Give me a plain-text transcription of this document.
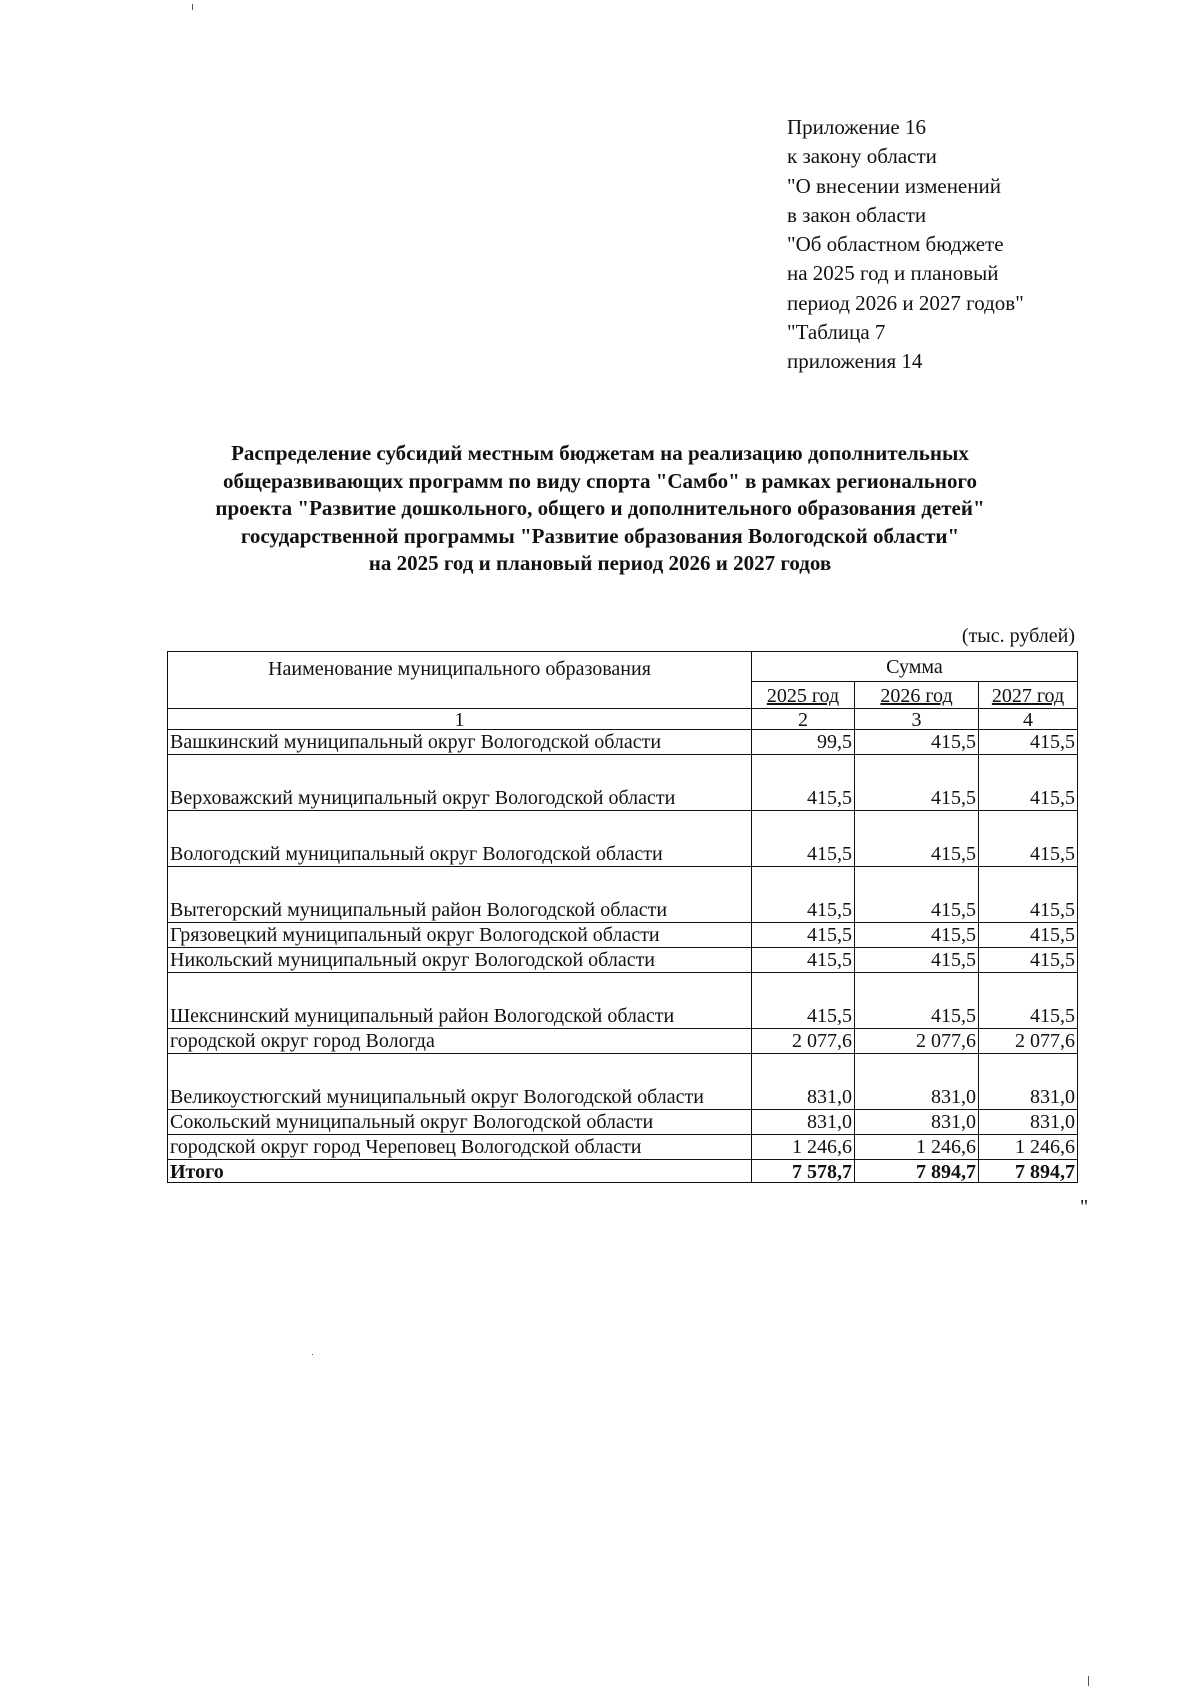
Приложение 16
к закону области
"О внесении изменений
в закон области
"Об областном бюджете
на 2025 год и плановый
период 2026 и 2027 годов"
"Таблица 7
приложения 14
Распределение субсидий местным бюджетам на реализацию дополнительных
общеразвивающих программ по виду спорта "Самбо" в рамках регионального
проекта "Развитие дошкольного, общего и дополнительного образования детей"
государственной программы "Развитие образования Вологодской области"
на 2025 год и плановый период 2026 и 2027 годов
(тыс. рублей)
Наименование муниципального образования	Сумма		
	2025 год	2026 год	2027 год
1	2	3	4
Вашкинский муниципальный округ Вологодской области	99,5	415,5	415,5
Верховажский муниципальный округ Вологодской области	415,5	415,5	415,5
Вологодский муниципальный округ Вологодской области	415,5	415,5	415,5
Вытегорский муниципальный район Вологодской области	415,5	415,5	415,5
Грязовецкий муниципальный округ Вологодской области	415,5	415,5	415,5
Никольский муниципальный округ Вологодской области	415,5	415,5	415,5
Шекснинский муниципальный район Вологодской области	415,5	415,5	415,5
городской округ город Вологда	2 077,6	2 077,6	2 077,6
Великоустюгский муниципальный округ Вологодской области	831,0	831,0	831,0
Сокольский муниципальный округ Вологодской области	831,0	831,0	831,0
городской округ город Череповец Вологодской области	1 246,6	1 246,6	1 246,6
Итого	7 578,7	7 894,7	7 894,7
"
